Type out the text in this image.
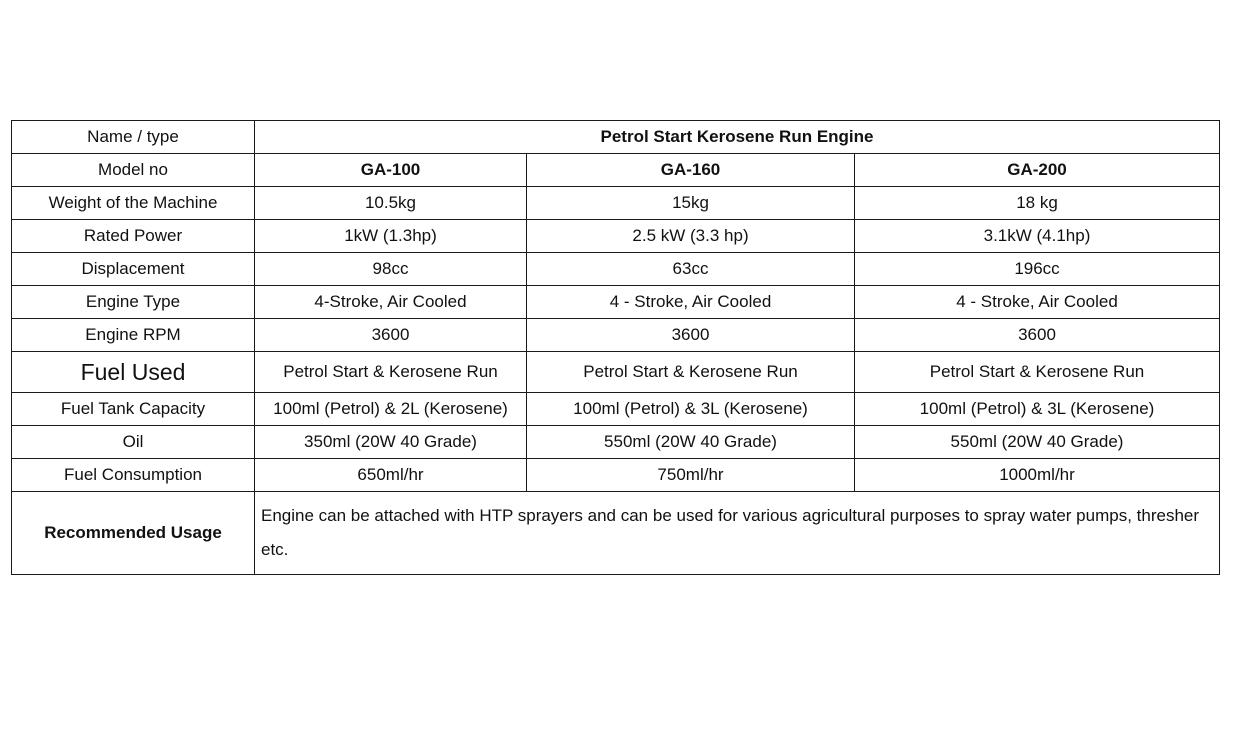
Name / type	Petrol Start Kerosene Run Engine		
Model no	GA-100	GA-160	GA-200
Weight of the Machine	10.5kg	15kg	18 kg
Rated Power	1kW (1.3hp)	2.5 kW (3.3 hp)	3.1kW (4.1hp)
Displacement	98cc	63cc	196cc
Engine Type	4-Stroke, Air Cooled	4 - Stroke, Air Cooled	4 - Stroke, Air Cooled
Engine RPM	3600	3600	3600
Fuel Used	Petrol Start & Kerosene Run	Petrol Start & Kerosene Run	Petrol Start & Kerosene Run
Fuel Tank Capacity	100ml (Petrol) & 2L (Kerosene)	100ml (Petrol) & 3L (Kerosene)	100ml (Petrol) & 3L (Kerosene)
Oil	350ml (20W 40 Grade)	550ml (20W 40 Grade)	550ml (20W 40 Grade)
Fuel Consumption	650ml/hr	750ml/hr	1000ml/hr
Recommended Usage	Engine can be attached with HTP sprayers and can be used for various agricultural purposes to spray water pumps, thresher etc.		
